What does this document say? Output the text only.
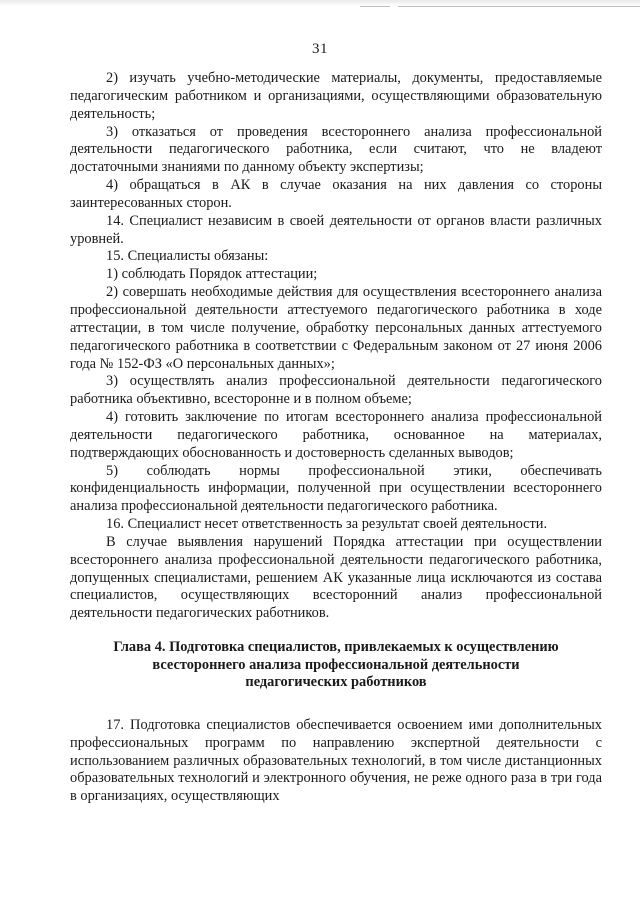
31

2) изучать учебно-методические материалы, документы, предоставляемые педагогическим работником и организациями, осуществляющими образовательную деятельность;

3) отказаться от проведения всестороннего анализа профессиональной деятельности педагогического работника, если считают, что не владеют достаточными знаниями по данному объекту экспертизы;

4) обращаться в АК в случае оказания на них давления со стороны заинтересованных сторон.

14. Специалист независим в своей деятельности от органов власти различных уровней.

15. Специалисты обязаны:

1) соблюдать Порядок аттестации;

2) совершать необходимые действия для осуществления всестороннего анализа профессиональной деятельности аттестуемого педагогического работника в ходе аттестации, в том числе получение, обработку персональных данных аттестуемого педагогического работника в соответствии с Федеральным законом от 27 июня 2006 года № 152-ФЗ «О персональных данных»;

3) осуществлять анализ профессиональной деятельности педагогического работника объективно, всесторонне и в полном объеме;

4) готовить заключение по итогам всестороннего анализа профессиональной деятельности педагогического работника, основанное на материалах, подтверждающих обоснованность и достоверность сделанных выводов;

5) соблюдать нормы профессиональной этики, обеспечивать конфиденциальность информации, полученной при осуществлении всестороннего анализа профессиональной деятельности педагогического работника.

16. Специалист несет ответственность за результат своей деятельности.

В случае выявления нарушений Порядка аттестации при осуществлении всестороннего анализа профессиональной деятельности педагогического работника, допущенных специалистами, решением АК указанные лица исключаются из состава специалистов, осуществляющих всесторонний анализ профессиональной деятельности педагогических работников.

Глава 4. Подготовка специалистов, привлекаемых к осуществлению
всестороннего анализа профессиональной деятельности
педагогических работников

17. Подготовка специалистов обеспечивается освоением ими дополнительных профессиональных программ по направлению экспертной деятельности с использованием различных образовательных технологий, в том числе дистанционных образовательных технологий и электронного обучения, не реже одного раза в три года в организациях, осуществляющих
